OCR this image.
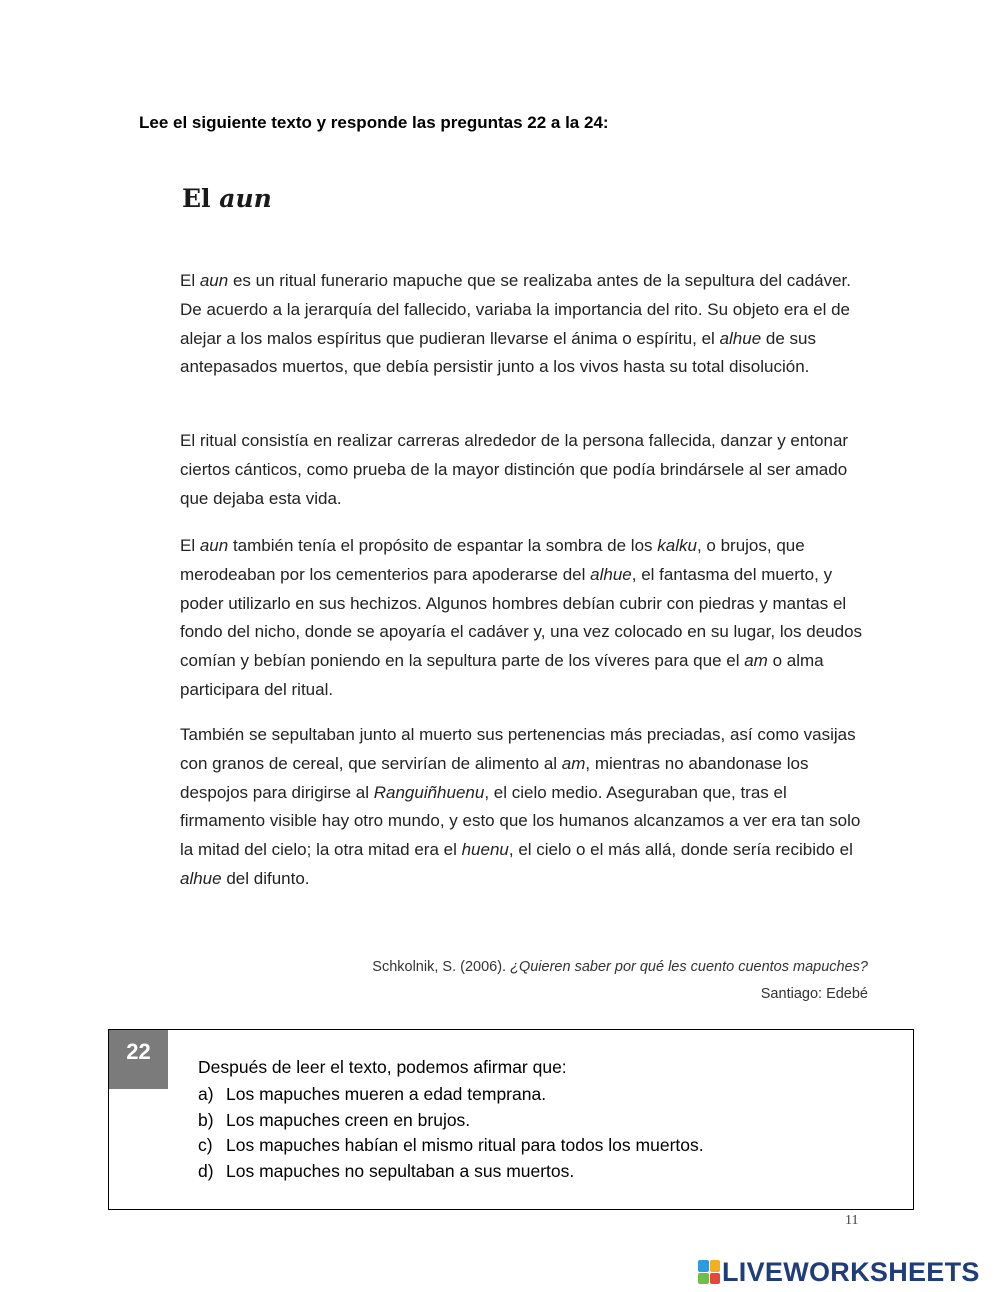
Lee el siguiente texto y responde las preguntas 22 a la 24:

El aun

El aun es un ritual funerario mapuche que se realizaba antes de la sepultura del cadáver. De acuerdo a la jerarquía del fallecido, variaba la importancia del rito. Su objeto era el de alejar a los malos espíritus que pudieran llevarse el ánima o espíritu, el alhue de sus antepasados muertos, que debía persistir junto a los vivos hasta su total disolución.

El ritual consistía en realizar carreras alrededor de la persona fallecida, danzar y entonar ciertos cánticos, como prueba de la mayor distinción que podía brindársele al ser amado que dejaba esta vida.

El aun también tenía el propósito de espantar la sombra de los kalku, o brujos, que merodeaban por los cementerios para apoderarse del alhue, el fantasma del muerto, y poder utilizarlo en sus hechizos. Algunos hombres debían cubrir con piedras y mantas el fondo del nicho, donde se apoyaría el cadáver y, una vez colocado en su lugar, los deudos comían y bebían poniendo en la sepultura parte de los víveres para que el am o alma participara del ritual.

También se sepultaban junto al muerto sus pertenencias más preciadas, así como vasijas con granos de cereal, que servirían de alimento al am, mientras no abandonase los despojos para dirigirse al Ranguiñhuenu, el cielo medio. Aseguraban que, tras el firmamento visible hay otro mundo, y esto que los humanos alcanzamos a ver era tan solo la mitad del cielo; la otra mitad era el huenu, el cielo o el más allá, donde sería recibido el alhue del difunto.

Schkolnik, S. (2006). ¿Quieren saber por qué les cuento cuentos mapuches?
Santiago: Edebé

22

Después de leer el texto, podemos afirmar que:

a) Los mapuches mueren a edad temprana.
b) Los mapuches creen en brujos.
c) Los mapuches habían el mismo ritual para todos los muertos.
d) Los mapuches no sepultaban a sus muertos.

11

LIVEWORKSHEETS
